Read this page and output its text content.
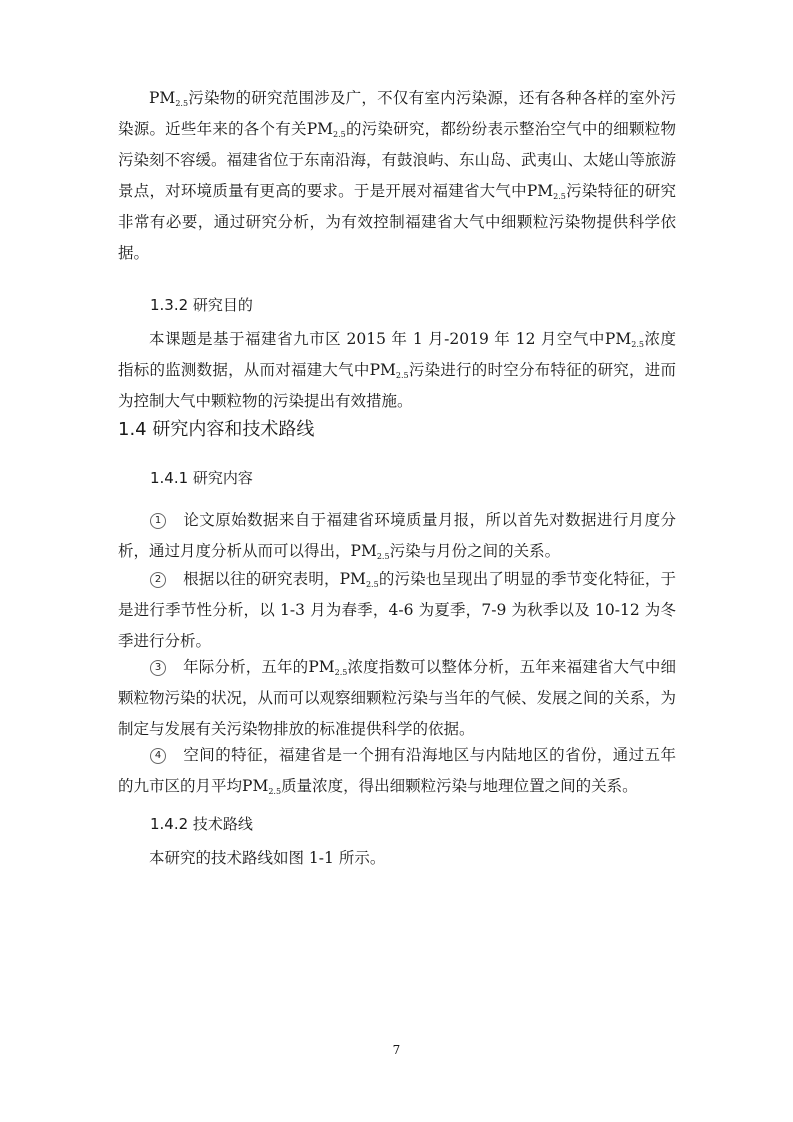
$PM_{2.5}$污染物的研究范围涉及广，不仅有室内污染源，还有各种各样的室外污染源。近些年来的各个有关$PM_{2.5}$的污染研究，都纷纷表示整治空气中的细颗粒物污染刻不容缓。福建省位于东南沿海，有鼓浪屿、东山岛、武夷山、太姥山等旅游景点，对环境质量有更高的要求。于是开展对福建省大气中$PM_{2.5}$污染特征的研究非常有必要，通过研究分析，为有效控制福建省大气中细颗粒污染物提供科学依据。

1.3.2 研究目的

本课题是基于福建省九市区 2015 年 1 月-2019 年 12 月空气中$PM_{2.5}$浓度指标的监测数据，从而对福建大气中$PM_{2.5}$污染进行的时空分布特征的研究，进而为控制大气中颗粒物的污染提出有效措施。

1.4 研究内容和技术路线
1.4.1 研究内容

1 论文原始数据来自于福建省环境质量月报，所以首先对数据进行月度分析，通过月度分析从而可以得出，$PM_{2.5}$污染与月份之间的关系。

2 根据以往的研究表明，$PM_{2.5}$的污染也呈现出了明显的季节变化特征，于是进行季节性分析，以 1-3 月为春季，4-6 为夏季，7-9 为秋季以及 10-12 为冬季进行分析。

3 年际分析，五年的$PM_{2.5}$浓度指数可以整体分析，五年来福建省大气中细颗粒物污染的状况，从而可以观察细颗粒污染与当年的气候、发展之间的关系，为制定与发展有关污染物排放的标准提供科学的依据。

4 空间的特征，福建省是一个拥有沿海地区与内陆地区的省份，通过五年的九市区的月平均$PM_{2.5}$质量浓度，得出细颗粒污染与地理位置之间的关系。

1.4.2 技术路线

本研究的技术路线如图 1-1 所示。

7
